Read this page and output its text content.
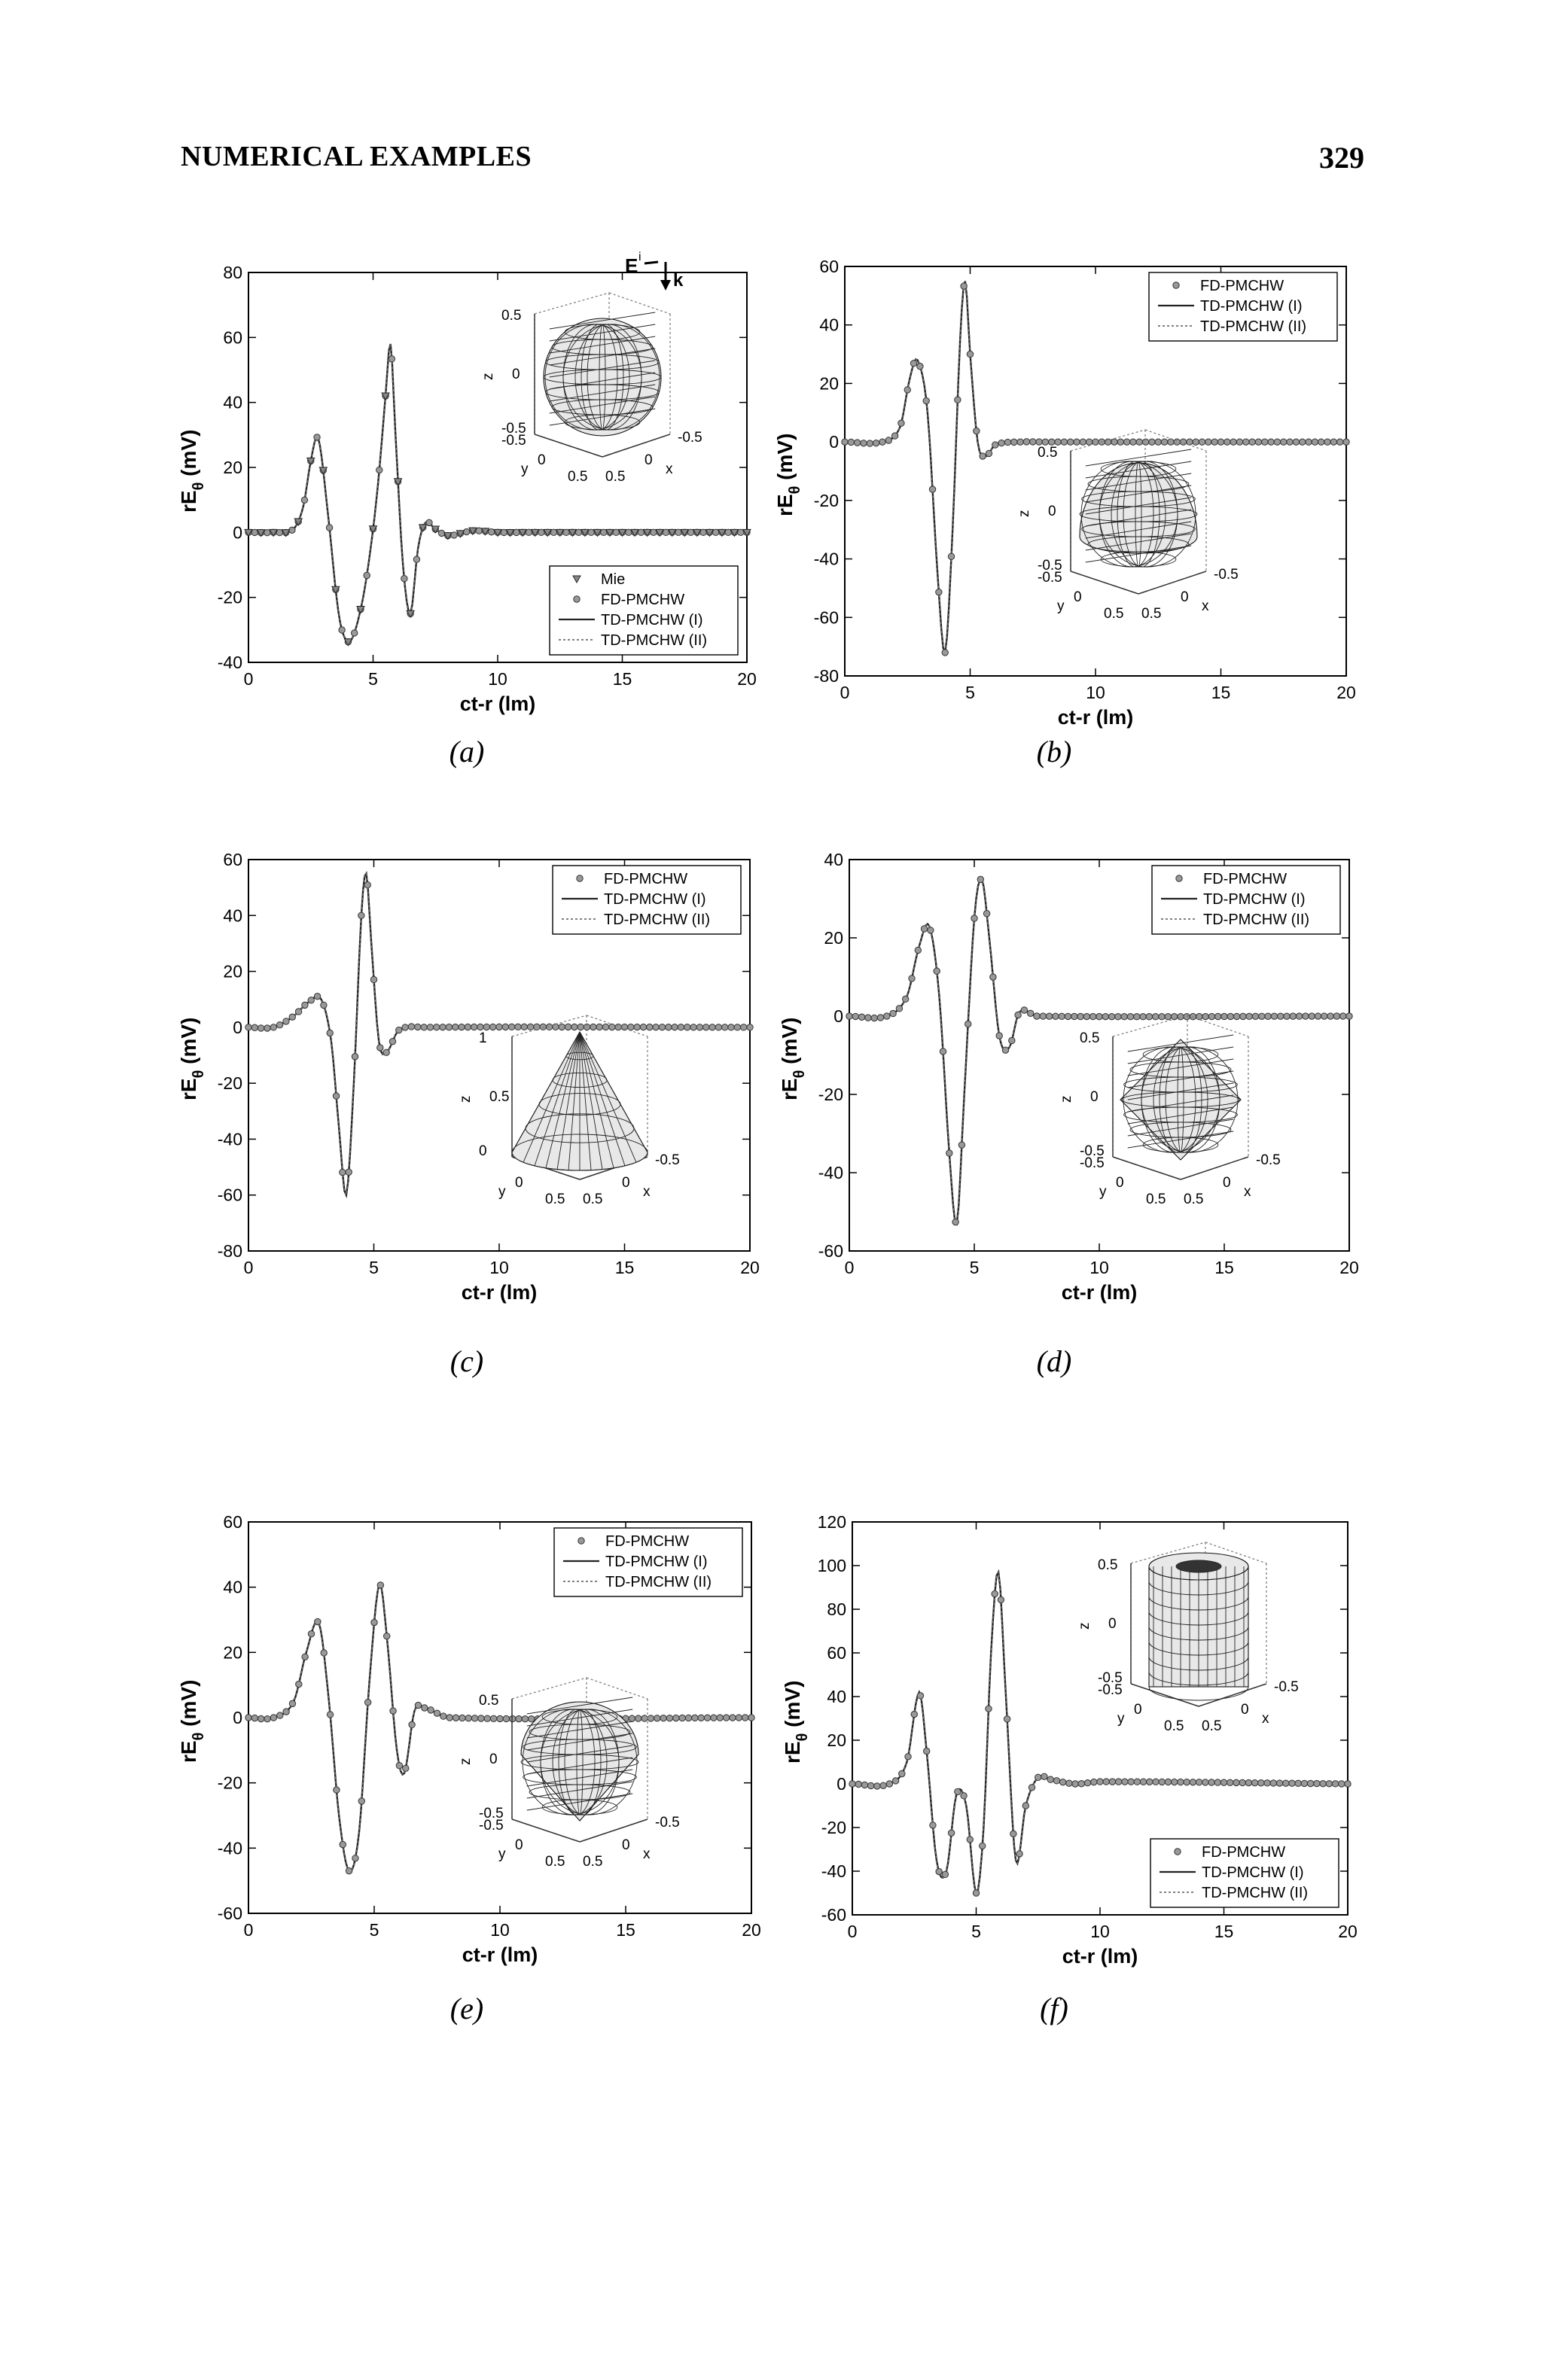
NUMERICAL EXAMPLES	329
-40
-20
0
20
40
60
80
0	5	10	15	20
ct-r (lm)
$rE_\theta$ (mV)
Mie
FD-PMCHW
TD-PMCHW (I)
TD-PMCHW (II)
0.5
0
-0.5
-0.5
z
0
y	0.5 0.5
0
x
-0.5
E i
k
-80
-60
-40
-20
0
20
40
60
0	5	10	15	20
ct-r (lm)
$rE_\theta$ (mV)
FD-PMCHW
TD-PMCHW (I)
TD-PMCHW (II)
0.5
0
-0.5
-0.5
z
0
y	0.5 0.5
0
x
-0.5
-80
-60
-40
-20
0
20
40
60
0	5	10	15	20
ct-r (lm)
$rE_\theta$ (mV)
FD-PMCHW
TD-PMCHW (I)
TD-PMCHW (II)
1
0.5
0
z
0
y	0.5 0.5
0
x
-0.5
-60
-40
-20
0
20
40
0	5	10	15	20
ct-r (lm)
$rE_\theta$ (mV)
FD-PMCHW
TD-PMCHW (I)
TD-PMCHW (II)
0.5
0
-0.5
-0.5
z
0
y	0.5 0.5
0
x
-0.5
-60
-40
-20
0
20
40
60
0	5	10	15	20
ct-r (lm)
$rE_\theta$ (mV)
FD-PMCHW
TD-PMCHW (I)
TD-PMCHW (II)
0.5
0
-0.5
-0.5
z
0
y	0.5 0.5
0
x
-0.5
-60
-40
-20
0
20
40
60
80
100
120
0	5	10	15	20
ct-r (lm)
$rE_\theta$ (mV)
FD-PMCHW
TD-PMCHW (I)
TD-PMCHW (II)
0.5
0
-0.5
-0.5
z
0
y	0.5 0.5
0
x
-0.5
(a)	(b)
(c)	(d)
(e)	(f)
